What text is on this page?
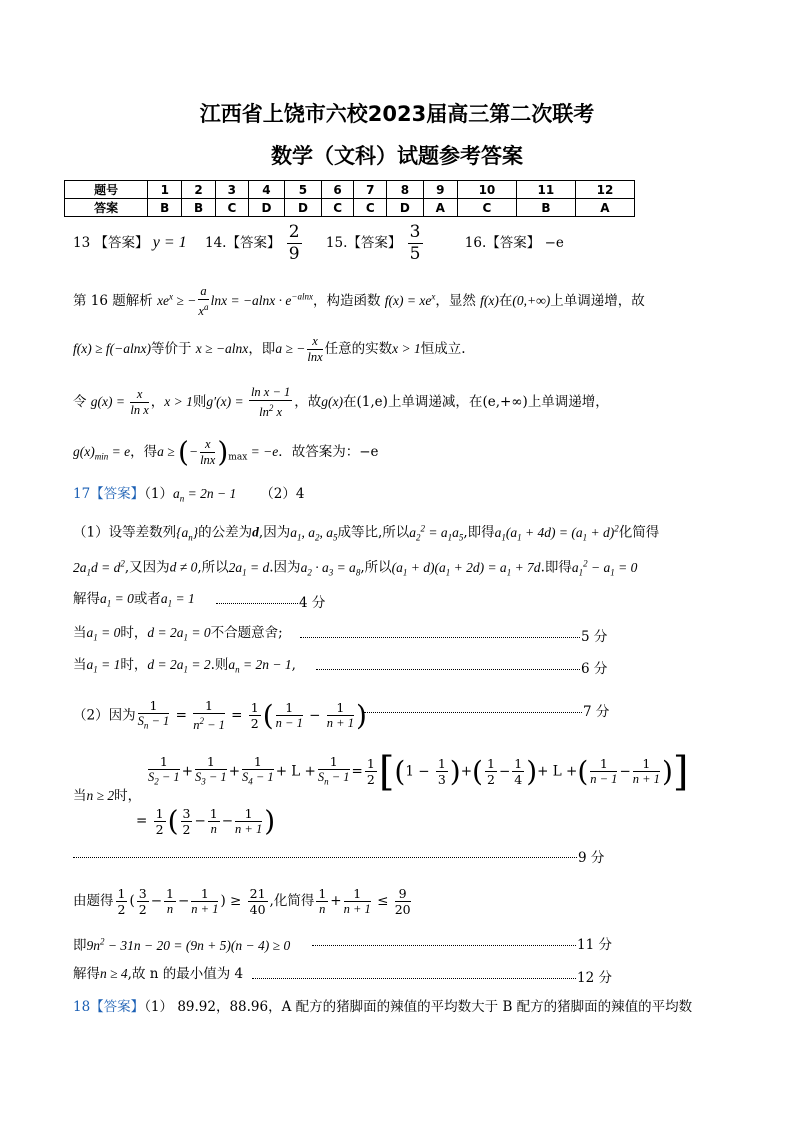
江西省上饶市六校2023届高三第二次联考
数学（文科）试题参考答案
题号	1	2	3	4	5	6	7	8	9	10	11	12
答案	B	B	C	D	D	C	C	D	A	C	B	A
13 【答案】 y = 1 14.【答案】 $\frac{2}{9} 15$.【答案】 $\frac{3}{5}$	16.【答案】 −e
第 16 题解析 $xe^x$ ≥ − $\frac{a}{x^a}$ $\ln x = -alnx \cdot e^{-alnx}$，构造函数 $f(x) = xe^x$，显然 f(x)在(0,+∞)上单调递增，故
f(x) ≥ f(−alnx)等价于 x ≥ −alnx，即a ≥ − $\frac{x}{\ln x}$ 任意的实数x > 1恒成立.
令 $g(x) = \frac{x}{\text{ln x}}$ ，x > 1则$g'(x) = \frac{\text{ln x − 1}}{\ln^2 x}$ ，故g(x)在(1,e)上单调递减，在(e,+∞)上单调递增，
$g(x)_{min} = e$，得a ≥ (− $\frac{x}{\ln x} )_{max} = -e$．故答案为：−e
17【答案】$(1)a_n = 2n - 1$ （2）4
（1）设等差数列$\{a_n\}$的公差为d,因为$a_1$, $a_2$, $a_5$成等比,所以$a_2^2 = a_1a_5$,即得$a_1(a_1 + 4d) = (a_1 + d)^2$化简得
$2a_1d = d^2$,又因为d ≠ 0,所以$2a_1 = d$.因为$a_2 \cdot a_3 = a_8$,所以$(a_1 + d)(a_1 + 2d) = a_1 + 7d$.即得$a_1^2 - a_1 = 0$
解得$a_1 = 0$或者$a_1 = 1$	4 分
当$a_1 = 0$时，$d = 2a_1 = 0$不合题意舍;	5 分
当$a_1 = 1$时，$d = 2a_1 = 2$.则$a_n = 2n - 1$,	6 分
（2）因为 $\frac{1}{S_n - 1} = \frac{1}{n^2 - 1} = \frac{1}{2}$ ( $\frac{1}{n - 1} - \frac{1}{n + 1}$ )	7 分
$\frac{1}{S_2 - 1} + \frac{1}{S_3 - 1} + \frac{1}{S_4 - 1} + L + \frac{1}{S_n - 1} = \frac{1}{2} [(1 - \frac{1}{3}$ )+( $\frac{1}{2} - \frac{1}{4}$ )+ L +( $\frac{1}{n - 1} - \frac{1}{n + 1}$ )]
当n ≥ 2时，
= $\frac{1}{2}$ ( $\frac{3}{2} - \frac{1}{n} - \frac{1}{n + 1}$ )
9 分
由题得 $\frac{1}{2}$ ( $\frac{3}{2} - \frac{1}{n} - \frac{1}{n + 1}$ ) ≥ $\frac{21}{40}$ ,化简得 $\frac{1}{n} + \frac{1}{n + 1} \le \frac{9}{20}$
即$9n^2 - 31n - 20 = (9n + 5)(n - 4) \ge 0$	11 分
解得n ≥ 4,故 n 的最小值为 4	12 分
18【答案】（1） 89.92，88.96，A 配方的猪脚面的辣值的平均数大于 B 配方的猪脚面的辣值的平均数
